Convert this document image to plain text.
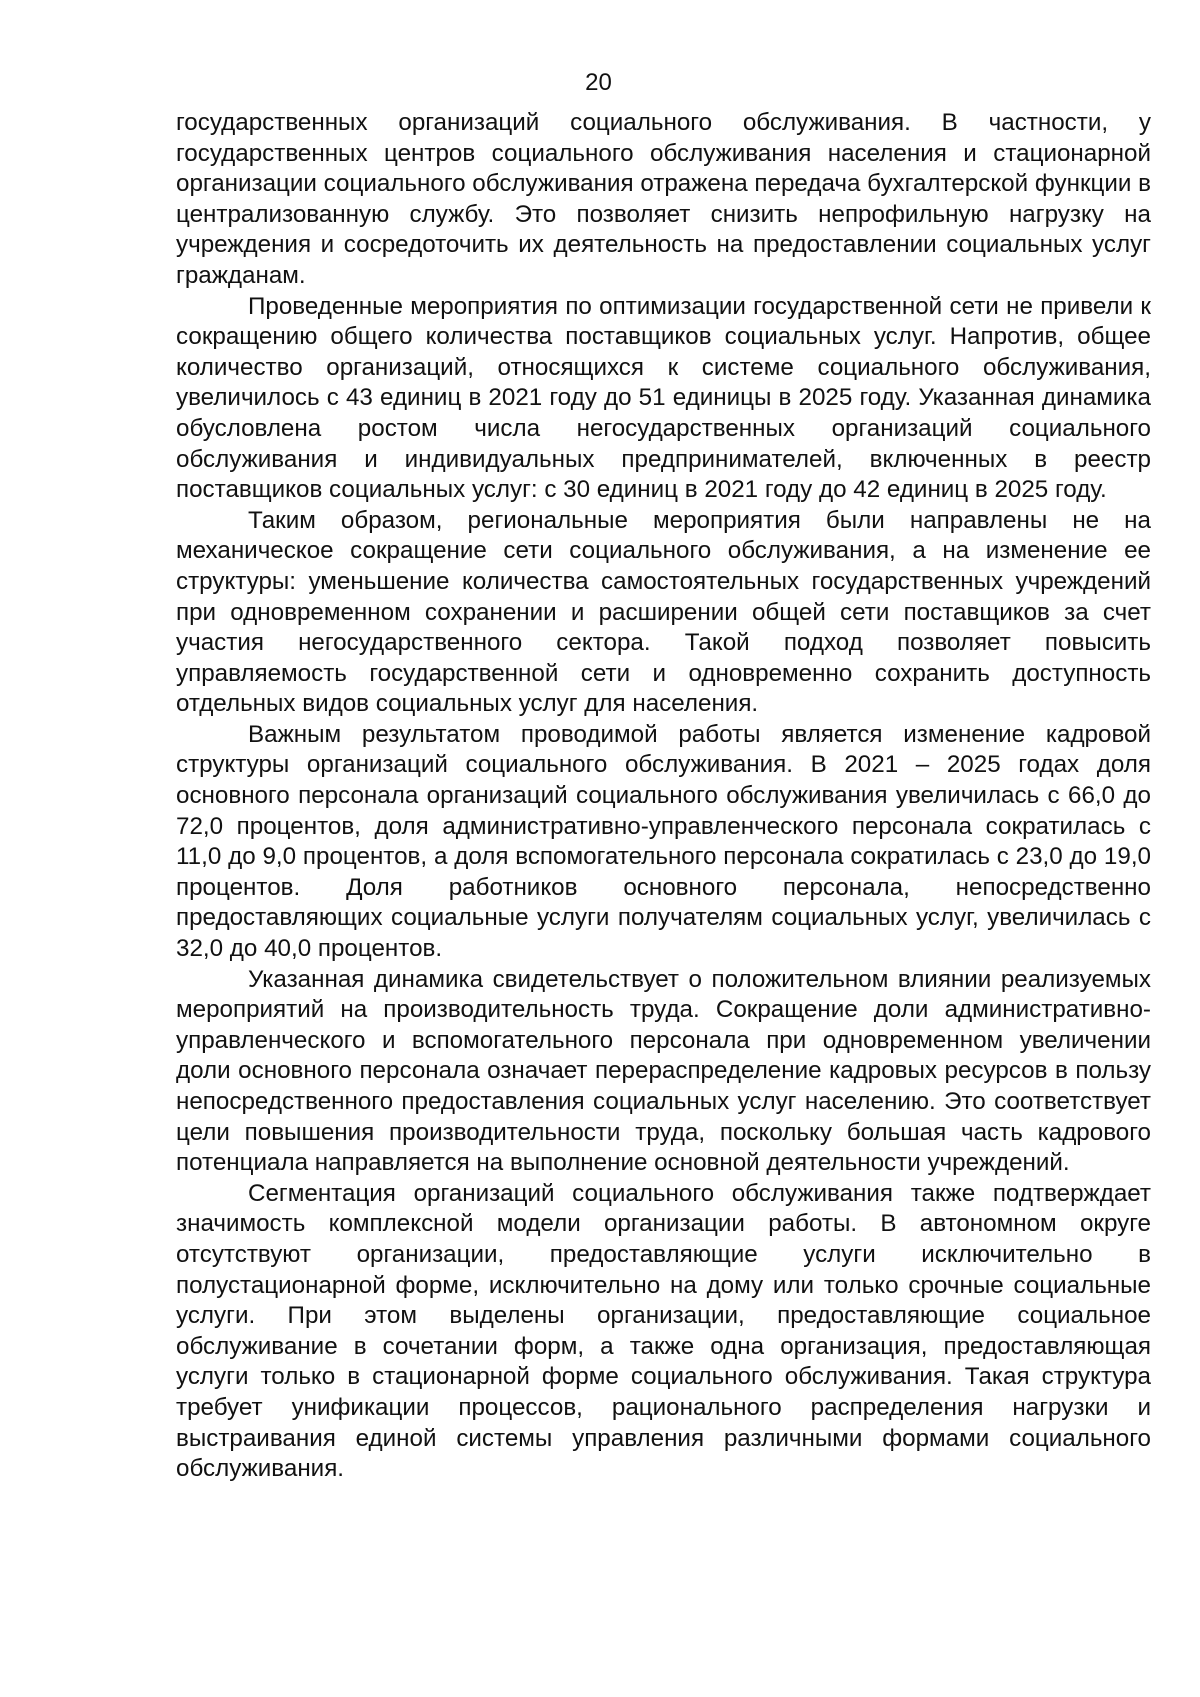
20

государственных организаций социального обслуживания. В частности, у государственных центров социального обслуживания населения и стационарной организации социального обслуживания отражена передача бухгалтерской функции в централизованную службу. Это позволяет снизить непрофильную нагрузку на учреждения и сосредоточить их деятельность на предоставлении социальных услуг гражданам.

Проведенные мероприятия по оптимизации государственной сети не привели к сокращению общего количества поставщиков социальных услуг. Напротив, общее количество организаций, относящихся к системе социального обслуживания, увеличилось с 43 единиц в 2021 году до 51 единицы в 2025 году. Указанная динамика обусловлена ростом числа негосударственных организаций социального обслуживания и индивидуальных предпринимателей, включенных в реестр поставщиков социальных услуг: с 30 единиц в 2021 году до 42 единиц в 2025 году.

Таким образом, региональные мероприятия были направлены не на механическое сокращение сети социального обслуживания, а на изменение ее структуры: уменьшение количества самостоятельных государственных учреждений при одновременном сохранении и расширении общей сети поставщиков за счет участия негосударственного сектора. Такой подход позволяет повысить управляемость государственной сети и одновременно сохранить доступность отдельных видов социальных услуг для населения.

Важным результатом проводимой работы является изменение кадровой структуры организаций социального обслуживания. В 2021 – 2025 годах доля основного персонала организаций социального обслуживания увеличилась с 66,0 до 72,0 процентов, доля административно-управленческого персонала сократилась с 11,0 до 9,0 процентов, а доля вспомогательного персонала сократилась с 23,0 до 19,0 процентов. Доля работников основного персонала, непосредственно предоставляющих социальные услуги получателям социальных услуг, увеличилась с 32,0 до 40,0 процентов.

Указанная динамика свидетельствует о положительном влиянии реализуемых мероприятий на производительность труда. Сокращение доли административно-управленческого и вспомогательного персонала при одновременном увеличении доли основного персонала означает перераспределение кадровых ресурсов в пользу непосредственного предоставления социальных услуг населению. Это соответствует цели повышения производительности труда, поскольку большая часть кадрового потенциала направляется на выполнение основной деятельности учреждений.

Сегментация организаций социального обслуживания также подтверждает значимость комплексной модели организации работы. В автономном округе отсутствуют организации, предоставляющие услуги исключительно в полустационарной форме, исключительно на дому или только срочные социальные услуги. При этом выделены организации, предоставляющие социальное обслуживание в сочетании форм, а также одна организация, предоставляющая услуги только в стационарной форме социального обслуживания. Такая структура требует унификации процессов, рационального распределения нагрузки и выстраивания единой системы управления различными формами социального обслуживания.
